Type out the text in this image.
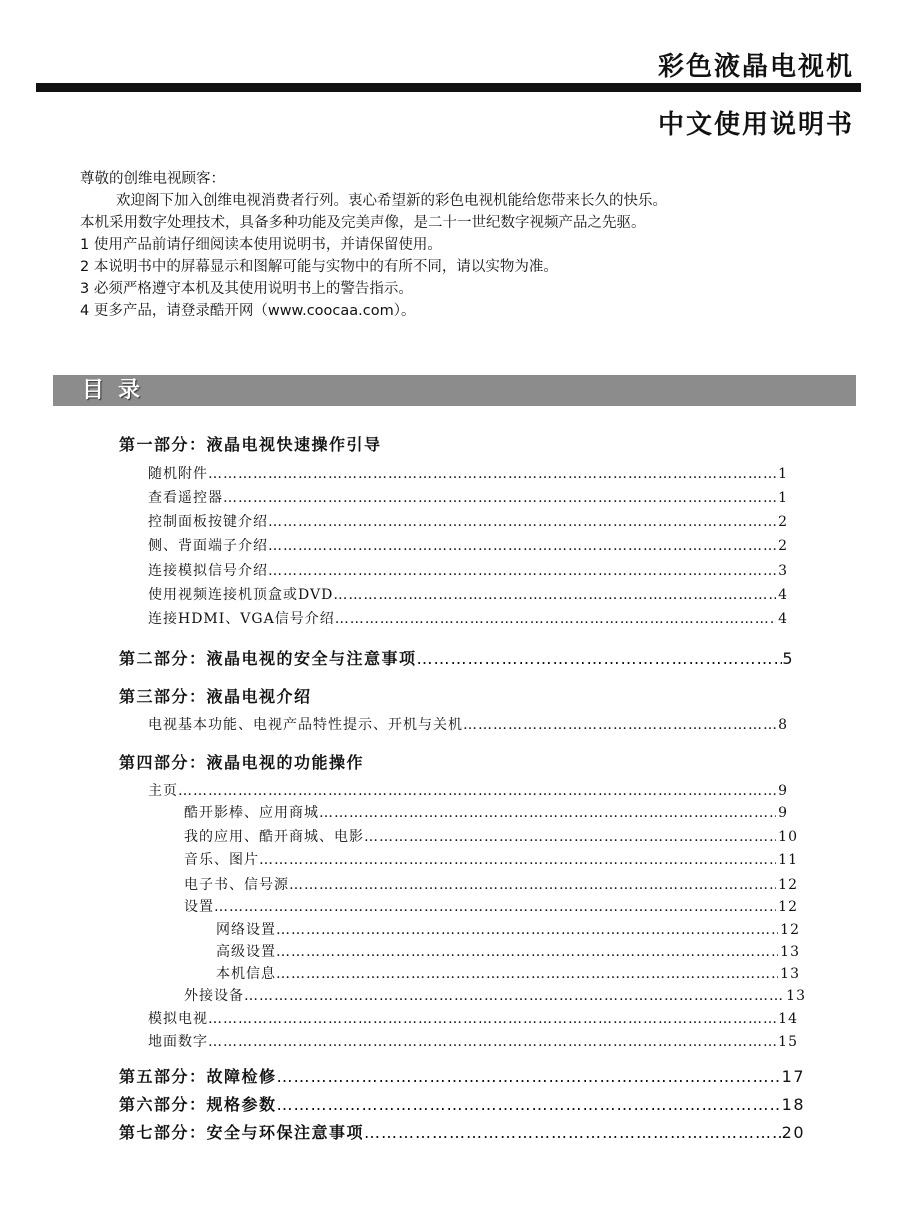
彩色液晶电视机
中文使用说明书
尊敬的创维电视顾客：
欢迎阁下加入创维电视消费者行列。衷心希望新的彩色电视机能给您带来长久的快乐。
本机采用数字处理技术，具备多种功能及完美声像，是二十一世纪数字视频产品之先驱。
1 使用产品前请仔细阅读本使用说明书，并请保留使用。
2 本说明书中的屏幕显示和图解可能与实物中的有所不同，请以实物为准。
3 必须严格遵守本机及其使用说明书上的警告指示。
4 更多产品，请登录酷开网（www.coocaa.com）。
目录
第一部分：液晶电视快速操作引导
随机附件 …………………………………………………………………………………………………………………………………………………………………………………………………………	1
查看遥控器 …………………………………………………………………………………………………………………………………………………………………………………………………………	1
控制面板按键介绍 …………………………………………………………………………………………………………………………………………………………………………………………………………	2
侧、背面端子介绍 …………………………………………………………………………………………………………………………………………………………………………………………………………	2
连接模拟信号介绍 …………………………………………………………………………………………………………………………………………………………………………………………………………	3
使用视频连接机顶盒或DVD …………………………………………………………………………………………………………………………………………………………………………………………………………	4
连接HDMI、VGA信号介绍 …………………………………………………………………………………………………………………………………………………………………………………………………………	4
第二部分：液晶电视的安全与注意事项 …………………………………………………………………………………………………………………………………………………………………………………………	5
第三部分：液晶电视介绍
电视基本功能、电视产品特性提示、开机与关机 …………………………………………………………………………………………………………………………………………………………………………………………………………	8
第四部分：液晶电视的功能操作
主页 …………………………………………………………………………………………………………………………………………………………………………………………………………	9
酷开影棒、应用商城 …………………………………………………………………………………………………………………………………………………………………………………………………………	9
我的应用、酷开商城、电影 …………………………………………………………………………………………………………………………………………………………………………………………………………	10
音乐、图片 …………………………………………………………………………………………………………………………………………………………………………………………………………	11
电子书、信号源 …………………………………………………………………………………………………………………………………………………………………………………………………………	12
设置 …………………………………………………………………………………………………………………………………………………………………………………………………………	12
网络设置 …………………………………………………………………………………………………………………………………………………………………………………………………………	12
高级设置 …………………………………………………………………………………………………………………………………………………………………………………………………………	13
本机信息 …………………………………………………………………………………………………………………………………………………………………………………………………………	13
外接设备 …………………………………………………………………………………………………………………………………………………………………………………………………………	13
模拟电视 …………………………………………………………………………………………………………………………………………………………………………………………………………	14
地面数字 …………………………………………………………………………………………………………………………………………………………………………………………………………	15
第五部分：故障检修 …………………………………………………………………………………………………………………………………………………………………………………………	17
第六部分：规格参数 …………………………………………………………………………………………………………………………………………………………………………………………	18
第七部分：安全与环保注意事项 …………………………………………………………………………………………………………………………………………………………………………………………	20
